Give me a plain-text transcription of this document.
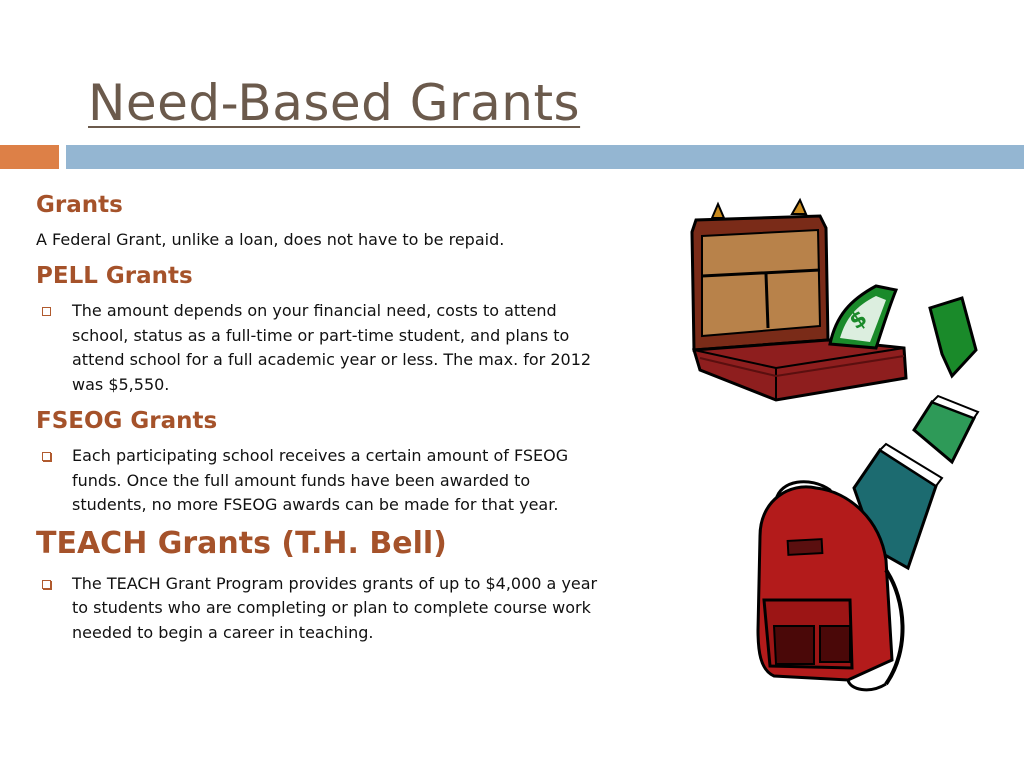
Need-Based Grants
Grants
A Federal Grant, unlike a loan, does not have to be repaid.
PELL Grants
The amount depends on your financial need, costs to attend school, status as a full-time or part-time student, and plans to attend school for a full academic year or less. The max. for 2012 was $5,550.
FSEOG Grants
Each participating school receives a certain amount of FSEOG funds. Once the full amount funds have been awarded to students, no more FSEOG awards can be made for that year.
TEACH Grants (T.H. Bell)
The TEACH Grant Program provides grants of up to $4,000 a year to students who are completing or plan to complete course work needed to begin a career in teaching.
$
